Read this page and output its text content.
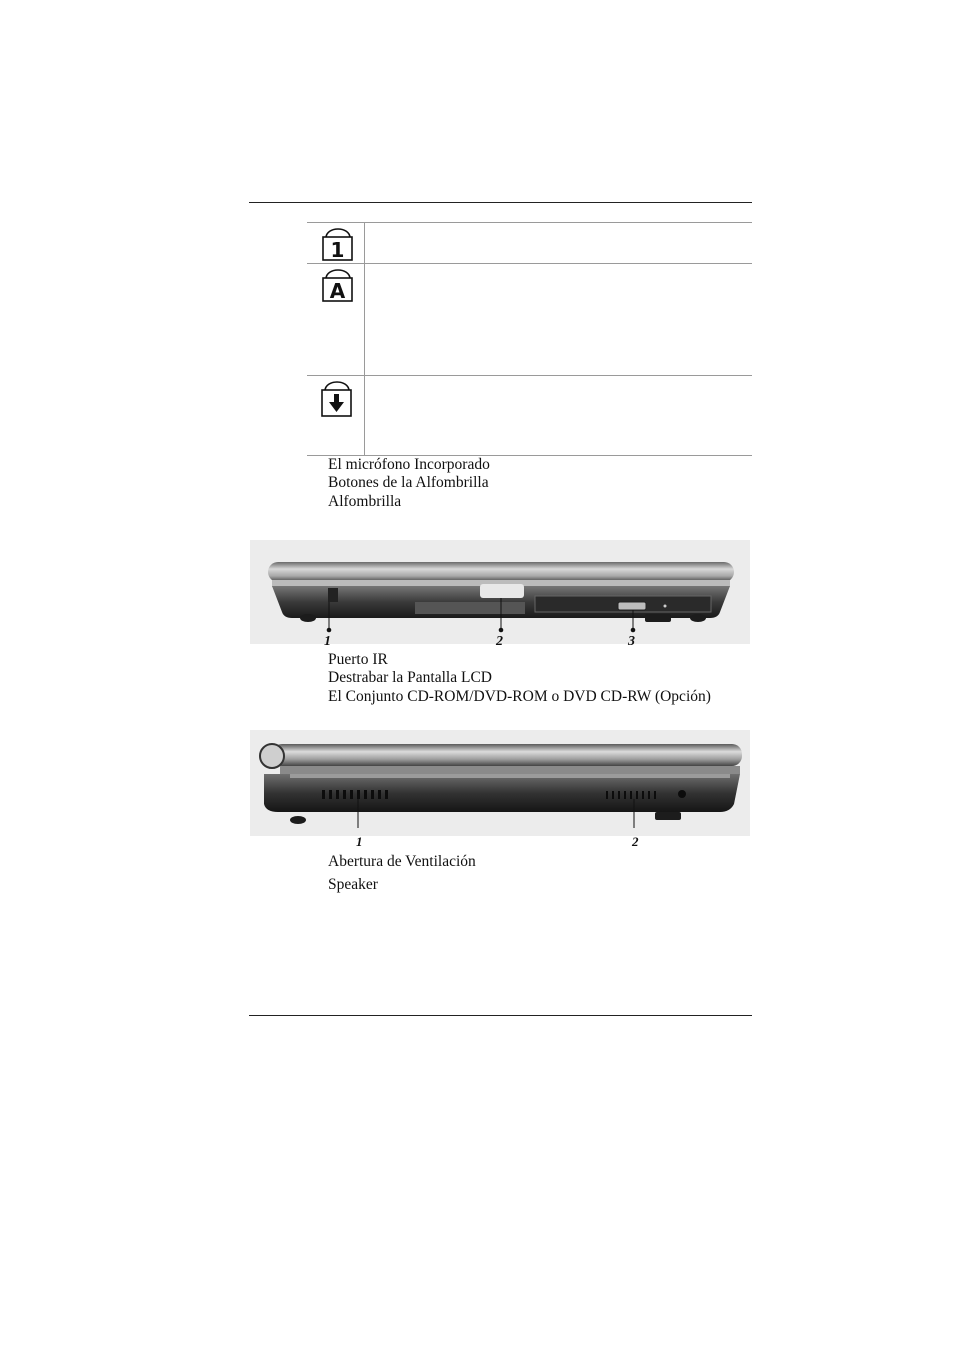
1
A
El micrófono Incorporado
Botones de la Alfombrilla
Alfombrilla
1	2	3
Puerto IR
Destrabar la Pantalla LCD
El Conjunto CD-ROM/DVD-ROM o DVD CD-RW (Opción)
1	2
Abertura de Ventilación
Speaker
